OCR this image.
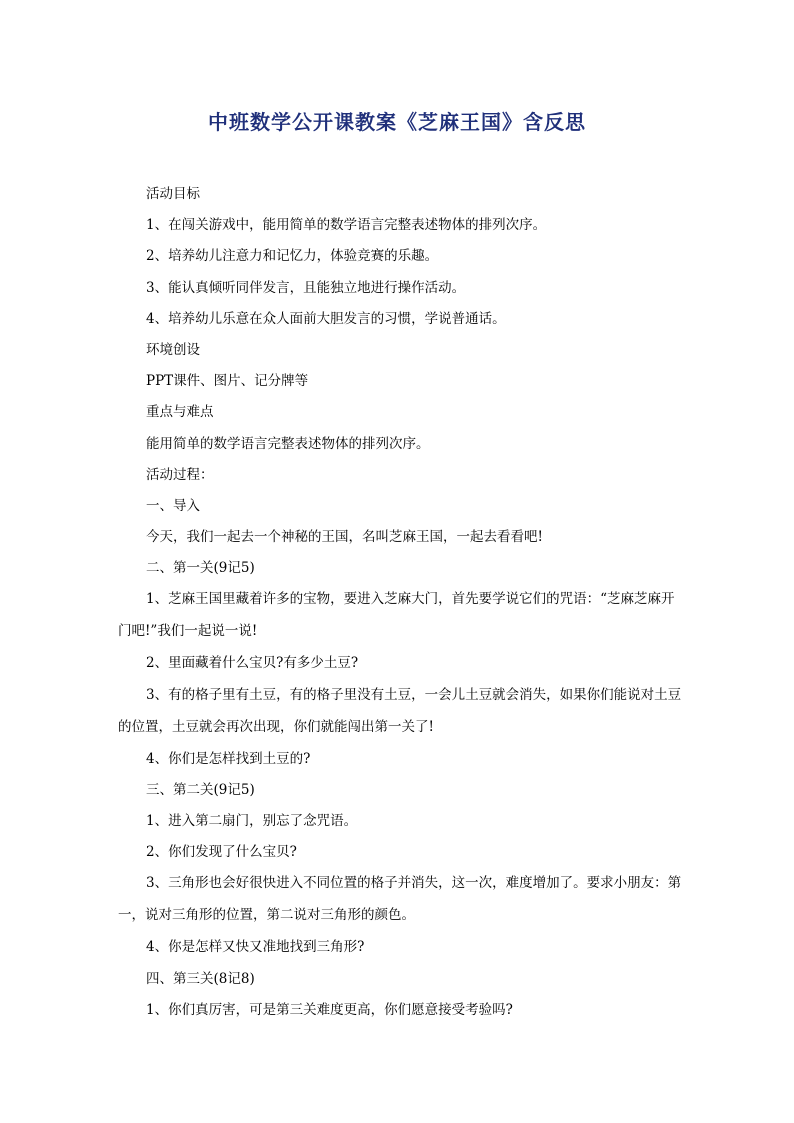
中班数学公开课教案《芝麻王国》含反思

活动目标

1、在闯关游戏中，能用简单的数学语言完整表述物体的排列次序。

2、培养幼儿注意力和记忆力，体验竞赛的乐趣。

3、能认真倾听同伴发言，且能独立地进行操作活动。

4、培养幼儿乐意在众人面前大胆发言的习惯，学说普通话。

环境创设

PPT课件、图片、记分牌等

重点与难点

能用简单的数学语言完整表述物体的排列次序。

活动过程：

一、导入

今天，我们一起去一个神秘的王国，名叫芝麻王国，一起去看看吧!

二、第一关(9记5)

1、芝麻王国里藏着许多的宝物，要进入芝麻大门，首先要学说它们的咒语：“芝麻芝麻开门吧!”我们一起说一说!

2、里面藏着什么宝贝?有多少土豆?

3、有的格子里有土豆，有的格子里没有土豆，一会儿土豆就会消失，如果你们能说对土豆的位置，土豆就会再次出现，你们就能闯出第一关了!

4、你们是怎样找到土豆的?

三、第二关(9记5)

1、进入第二扇门，别忘了念咒语。

2、你们发现了什么宝贝?

3、三角形也会好很快进入不同位置的格子并消失，这一次，难度增加了。要求小朋友：第一，说对三角形的位置，第二说对三角形的颜色。

4、你是怎样又快又准地找到三角形?

四、第三关(8记8)

1、你们真厉害，可是第三关难度更高，你们愿意接受考验吗?
